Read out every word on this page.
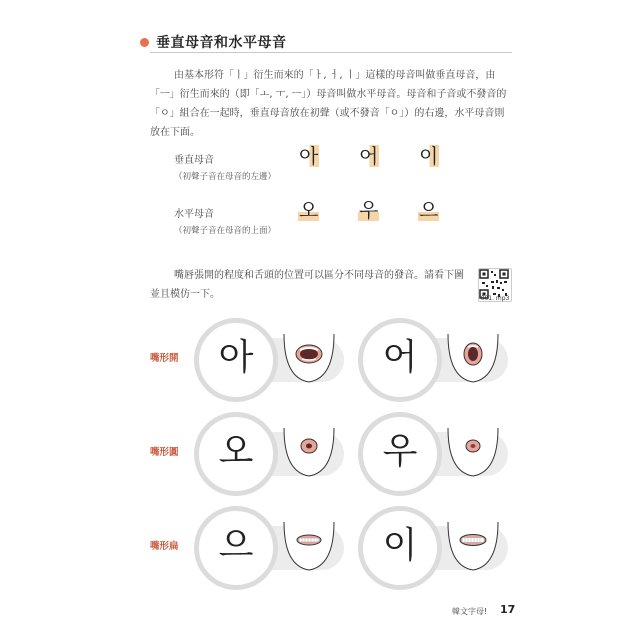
垂直母音和水平母音
由基本形符「ㅣ」衍生而來的「ㅏ, ㅓ, ㅣ」這樣的母音叫做垂直母音，由「ㅡ」衍生而來的（即「ㅗ, ㅜ, ㅡ」）母音叫做水平母音。母音和子音或不發音的「ㅇ」組合在一起時，垂直母音放在初聲（或不發音「ㅇ」）的右邊，水平母音則放在下面。
垂直母音
（初聲子音在母音的左邊）
아 어 이
水平母音
（初聲子音在母音的上面）
오 우 으
嘴唇張開的程度和舌頭的位置可以區分不同母音的發音。請看下圖並且模仿一下。	001. mp3
嘴形開	아	어
嘴形圓	오	우
嘴形扁	으	이
韓文字母! 17
